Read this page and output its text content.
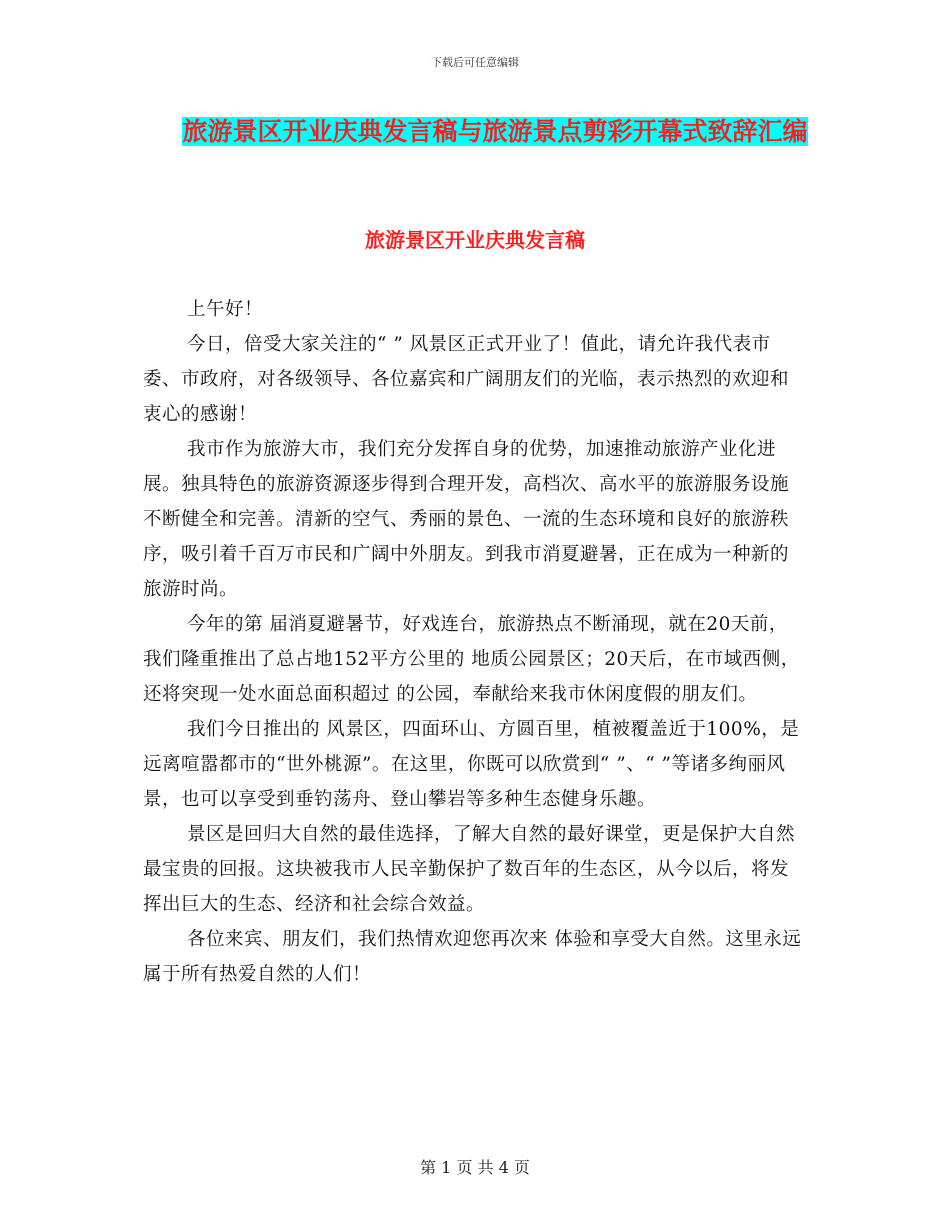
下载后可任意编辑
旅游景区开业庆典发言稿与旅游景点剪彩开幕式致辞汇编
旅游景区开业庆典发言稿

上午好！

今日，倍受大家关注的“ ” 风景区正式开业了！值此，请允许我代表市委、市政府，对各级领导、各位嘉宾和广阔朋友们的光临，表示热烈的欢迎和衷心的感谢！

我市作为旅游大市，我们充分发挥自身的优势，加速推动旅游产业化进展。独具特色的旅游资源逐步得到合理开发，高档次、高水平的旅游服务设施不断健全和完善。清新的空气、秀丽的景色、一流的生态环境和良好的旅游秩序，吸引着千百万市民和广阔中外朋友。到我市消夏避暑，正在成为一种新的旅游时尚。

今年的第 届消夏避暑节，好戏连台，旅游热点不断涌现，就在20天前，我们隆重推出了总占地152平方公里的 地质公园景区；20天后，在市域西侧，还将突现一处水面总面积超过 的公园，奉献给来我市休闲度假的朋友们。

我们今日推出的 风景区，四面环山、方圆百里，植被覆盖近于100%，是远离喧嚣都市的“世外桃源”。在这里，你既可以欣赏到“ ”、“ ”等诸多绚丽风景，也可以享受到垂钓荡舟、登山攀岩等多种生态健身乐趣。

景区是回归大自然的最佳选择，了解大自然的最好课堂，更是保护大自然最宝贵的回报。这块被我市人民辛勤保护了数百年的生态区，从今以后，将发挥出巨大的生态、经济和社会综合效益。

各位来宾、朋友们，我们热情欢迎您再次来 体验和享受大自然。这里永远属于所有热爱自然的人们！

第 1 页 共 4 页
